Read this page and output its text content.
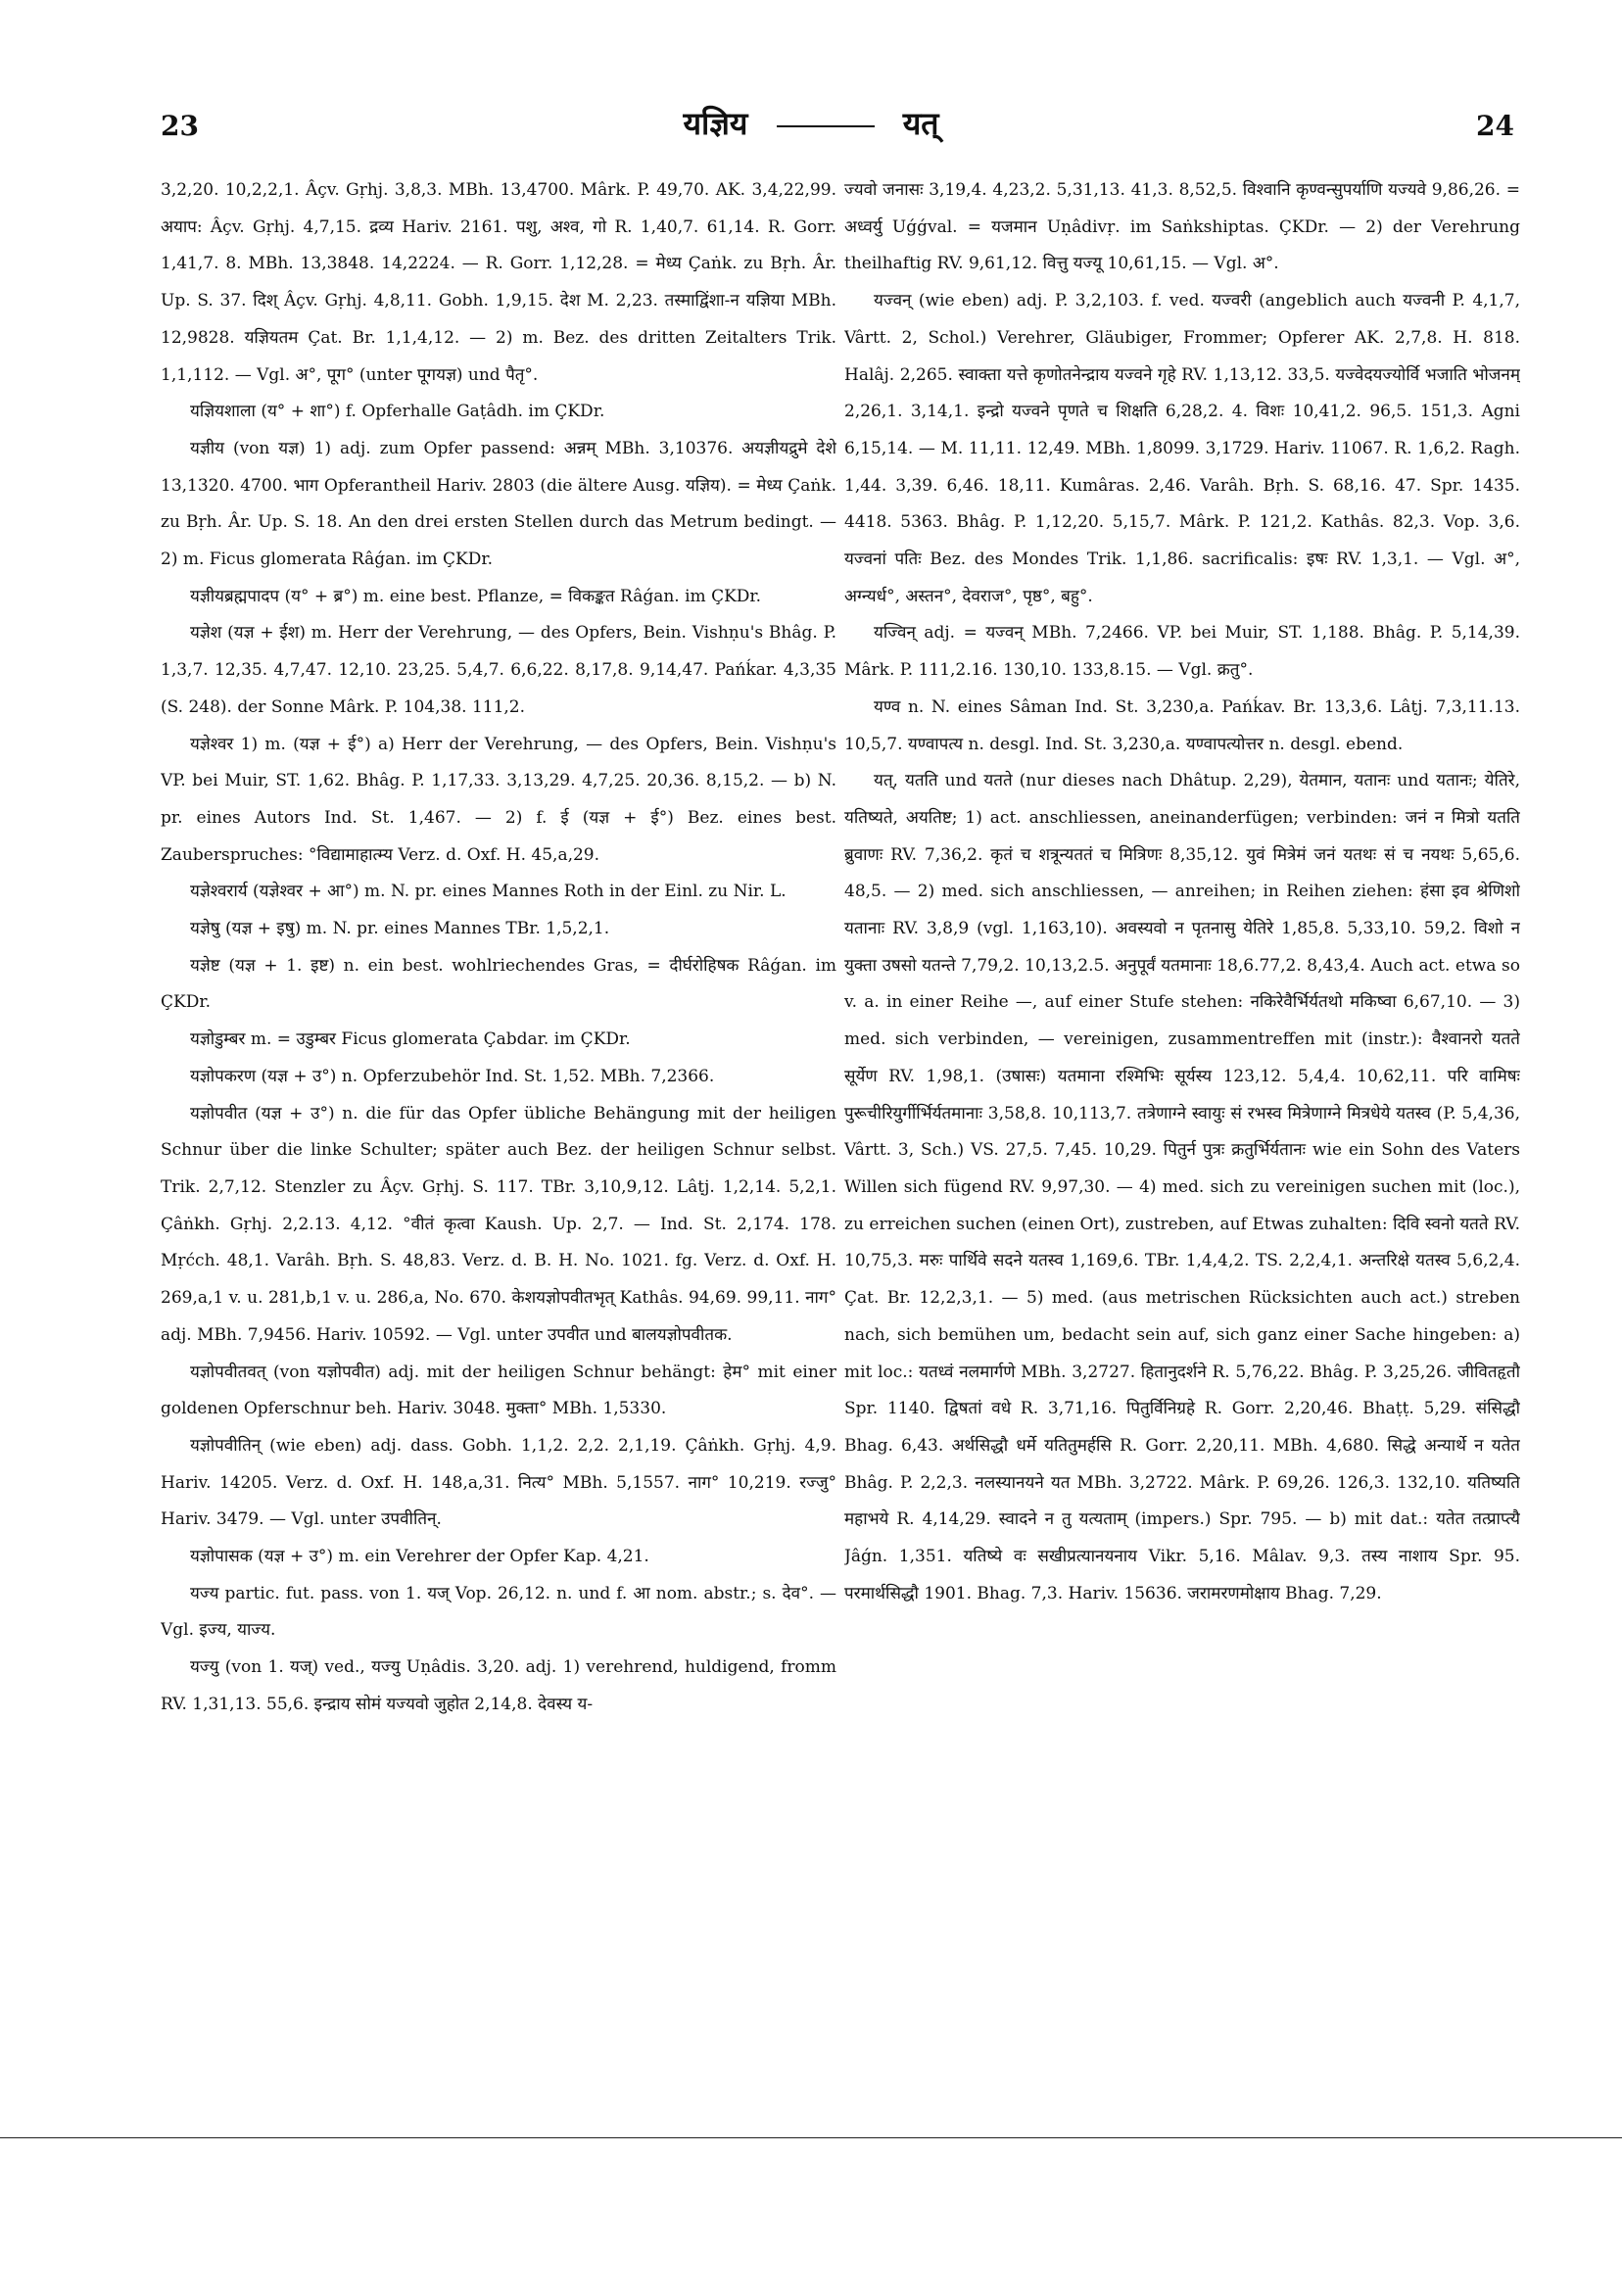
23	यज्ञिय	यत्	24

3,2,20. 10,2,2,1. Âçv. Gṛhj. 3,8,3. MBh. 13,4700. Mârk. P. 49,70. AK. 3,4,22,99. अयाप: Âçv. Gṛhj. 4,7,15. द्रव्य Hariv. 2161. पशु, अश्व, गो R. 1,40,7. 61,14. R. Gorr. 1,41,7. 8. MBh. 13,3848. 14,2224. — R. Gorr. 1,12,28. = मेध्य Çaṅk. zu Bṛh. Âr. Up. S. 37. दिश् Âçv. Gṛhj. 4,8,11. Gobh. 1,9,15. देश M. 2,23. तस्माद्विंशा-न यज्ञिया MBh. 12,9828. यज्ञियतम Çat. Br. 1,1,4,12. — 2) m. Bez. des dritten Zeitalters Trik. 1,1,112. — Vgl. अ°, पूग° (unter पूगयज्ञ) und पैतृ°.

यज्ञियशाला (य° + शा°) f. Opferhalle Gaṭâdh. im ÇKDr.

यज्ञीय (von यज्ञ) 1) adj. zum Opfer passend: अन्नम् MBh. 3,10376. अयज्ञीयद्रुमे देशे 13,1320. 4700. भाग Opferantheil Hariv. 2803 (die ältere Ausg. यज्ञिय). = मेध्य Çaṅk. zu Bṛh. Âr. Up. S. 18. An den drei ersten Stellen durch das Metrum bedingt. — 2) m. Ficus glomerata Râǵan. im ÇKDr.

यज्ञीयब्रह्मपादप (य° + ब्र°) m. eine best. Pflanze, = विकङ्कत Râǵan. im ÇKDr.

यज्ञेश (यज्ञ + ईश) m. Herr der Verehrung, — des Opfers, Bein. Vishṇu's Bhâg. P. 1,3,7. 12,35. 4,7,47. 12,10. 23,25. 5,4,7. 6,6,22. 8,17,8. 9,14,47. Pańḱar. 4,3,35 (S. 248). der Sonne Mârk. P. 104,38. 111,2.

यज्ञेश्वर 1) m. (यज्ञ + ई°) a) Herr der Verehrung, — des Opfers, Bein. Vishṇu's VP. bei Muir, ST. 1,62. Bhâg. P. 1,17,33. 3,13,29. 4,7,25. 20,36. 8,15,2. — b) N. pr. eines Autors Ind. St. 1,467. — 2) f. ई (यज्ञ + ई°) Bez. eines best. Zauberspruches: °विद्यामाहात्म्य Verz. d. Oxf. H. 45,a,29.

यज्ञेश्वरार्य (यज्ञेश्वर + आ°) m. N. pr. eines Mannes Roth in der Einl. zu Nir. L.

यज्ञेषु (यज्ञ + इषु) m. N. pr. eines Mannes TBr. 1,5,2,1.

यज्ञेष्ट (यज्ञ + 1. इष्ट) n. ein best. wohlriechendes Gras, = दीर्घरोहिषक Râǵan. im ÇKDr.

यज्ञोडुम्बर m. = उडुम्बर Ficus glomerata Çabdar. im ÇKDr.

यज्ञोपकरण (यज्ञ + उ°) n. Opferzubehör Ind. St. 1,52. MBh. 7,2366.

यज्ञोपवीत (यज्ञ + उ°) n. die für das Opfer übliche Behängung mit der heiligen Schnur über die linke Schulter; später auch Bez. der heiligen Schnur selbst. Trik. 2,7,12. Stenzler zu Âçv. Gṛhj. S. 117. TBr. 3,10,9,12. Lâṭj. 1,2,14. 5,2,1. Çâṅkh. Gṛhj. 2,2.13. 4,12. °वीतं कृत्वा Kaush. Up. 2,7. — Ind. St. 2,174. 178. Mṛćch. 48,1. Varâh. Bṛh. S. 48,83. Verz. d. B. H. No. 1021. fg. Verz. d. Oxf. H. 269,a,1 v. u. 281,b,1 v. u. 286,a, No. 670. केशयज्ञोपवीतभृत् Kathâs. 94,69. 99,11. नाग° adj. MBh. 7,9456. Hariv. 10592. — Vgl. unter उपवीत und बालयज्ञोपवीतक.

यज्ञोपवीतवत् (von यज्ञोपवीत) adj. mit der heiligen Schnur behängt: हेम° mit einer goldenen Opferschnur beh. Hariv. 3048. मुक्ता° MBh. 1,5330.

यज्ञोपवीतिन् (wie eben) adj. dass. Gobh. 1,1,2. 2,2. 2,1,19. Çâṅkh. Gṛhj. 4,9. Hariv. 14205. Verz. d. Oxf. H. 148,a,31. नित्य° MBh. 5,1557. नाग° 10,219. रज्जु° Hariv. 3479. — Vgl. unter उपवीतिन्.

यज्ञोपासक (यज्ञ + उ°) m. ein Verehrer der Opfer Kap. 4,21.

यज्य partic. fut. pass. von 1. यज् Vop. 26,12. n. und f. आ nom. abstr.; s. देव°. — Vgl. इज्य, याज्य.

यज्यु (von 1. यज्) ved., यज्यु Uṇâdis. 3,20. adj. 1) verehrend, huldigend, fromm RV. 1,31,13. 55,6. इन्द्राय सोमं यज्यवो जुहोत 2,14,8. देवस्य य-

ज्यवो जनासः 3,19,4. 4,23,2. 5,31,13. 41,3. 8,52,5. विश्वानि कृण्वन्सुपर्याणि यज्यवे 9,86,26. = अध्वर्यु Uǵǵval. = यजमान Uṇâdivṛ. im Saṅkshiptas. ÇKDr. — 2) der Verehrung theilhaftig RV. 9,61,12. वित्तु यज्यू 10,61,15. — Vgl. अ°.

यज्वन् (wie eben) adj. P. 3,2,103. f. ved. यज्वरी (angeblich auch यज्वनी P. 4,1,7, Vârtt. 2, Schol.) Verehrer, Gläubiger, Frommer; Opferer AK. 2,7,8. H. 818. Halâj. 2,265. स्वाक्ता यत्ते कृणोतनेन्द्राय यज्वने गृहे RV. 1,13,12. 33,5. यज्वेदयज्योर्वि भजाति भोजनम् 2,26,1. 3,14,1. इन्द्रो यज्वने पृणते च शिक्षति 6,28,2. 4. विशः 10,41,2. 96,5. 151,3. Agni 6,15,14. — M. 11,11. 12,49. MBh. 1,8099. 3,1729. Hariv. 11067. R. 1,6,2. Ragh. 1,44. 3,39. 6,46. 18,11. Kumâras. 2,46. Varâh. Bṛh. S. 68,16. 47. Spr. 1435. 4418. 5363. Bhâg. P. 1,12,20. 5,15,7. Mârk. P. 121,2. Kathâs. 82,3. Vop. 3,6. यज्वनां पतिः Bez. des Mondes Trik. 1,1,86. sacrificalis: इषः RV. 1,3,1. — Vgl. अ°, अग्न्यर्ध°, अस्तन°, देवराज°, पृष्ठ°, बहु°.

यज्विन् adj. = यज्वन् MBh. 7,2466. VP. bei Muir, ST. 1,188. Bhâg. P. 5,14,39. Mârk. P. 111,2.16. 130,10. 133,8.15. — Vgl. क्रतु°.

यण्व n. N. eines Sâman Ind. St. 3,230,a. Pańḱav. Br. 13,3,6. Lâṭj. 7,3,11.13. 10,5,7. यण्वापत्य n. desgl. Ind. St. 3,230,a. यण्वापत्योत्तर n. desgl. ebend.

यत्, यतति und यतते (nur dieses nach Dhâtup. 2,29), येतमान, यतानः und यतानः; येतिरे, यतिष्यते, अयतिष्ट; 1) act. anschliessen, aneinanderfügen; verbinden: जनं न मित्रो यतति ब्रुवाणः RV. 7,36,2. कृतं च शत्रून्यततं च मित्रिणः 8,35,12. युवं मित्रेमं जनं यतथः सं च नयथः 5,65,6. 48,5. — 2) med. sich anschliessen, — anreihen; in Reihen ziehen: हंसा इव श्रेणिशो यतानाः RV. 3,8,9 (vgl. 1,163,10). अवस्यवो न पृतनासु येतिरे 1,85,8. 5,33,10. 59,2. विशो न युक्ता उषसो यतन्ते 7,79,2. 10,13,2.5. अनुपूर्वं यतमानाः 18,6.77,2. 8,43,4. Auch act. etwa so v. a. in einer Reihe —, auf einer Stufe stehen: नकिरेवैर्भिर्यतथो मकिष्वा 6,67,10. — 3) med. sich verbinden, — vereinigen, zusammentreffen mit (instr.): वैश्वानरो यतते सूर्येण RV. 1,98,1. (उषासः) यतमाना रश्मिभिः सूर्यस्य 123,12. 5,4,4. 10,62,11. परि वामिषः पुरूचीरियुर्गीर्भिर्यतमानाः 3,58,8. 10,113,7. तत्रेणाग्ने स्वायुः सं रभस्व मित्रेणाग्ने मित्रधेये यतस्व (P. 5,4,36, Vârtt. 3, Sch.) VS. 27,5. 7,45. 10,29. पितुर्न पुत्रः क्रतुर्भिर्यतानः wie ein Sohn des Vaters Willen sich fügend RV. 9,97,30. — 4) med. sich zu vereinigen suchen mit (loc.), zu erreichen suchen (einen Ort), zustreben, auf Etwas zuhalten: दिवि स्वनो यतते RV. 10,75,3. मरुः पार्थिवे सदने यतस्व 1,169,6. TBr. 1,4,4,2. TS. 2,2,4,1. अन्तरिक्षे यतस्व 5,6,2,4. Çat. Br. 12,2,3,1. — 5) med. (aus metrischen Rücksichten auch act.) streben nach, sich bemühen um, bedacht sein auf, sich ganz einer Sache hingeben: a) mit loc.: यतध्वं नलमार्गणे MBh. 3,2727. हितानुदर्शने R. 5,76,22. Bhâg. P. 3,25,26. जीवितहृतौ Spr. 1140. द्विषतां वधे R. 3,71,16. पितुर्विनिग्रहे R. Gorr. 2,20,46. Bhaṭṭ. 5,29. संसिद्धौ Bhag. 6,43. अर्थसिद्धौ धर्मे यतितुमर्हसि R. Gorr. 2,20,11. MBh. 4,680. सिद्धे अन्यार्थे न यतेत Bhâg. P. 2,2,3. नलस्यानयने यत MBh. 3,2722. Mârk. P. 69,26. 126,3. 132,10. यतिष्यति महाभये R. 4,14,29. स्वादने न तु यत्यताम् (impers.) Spr. 795. — b) mit dat.: यतेत तत्प्राप्त्यै Jâǵn. 1,351. यतिष्ये वः सखीप्रत्यानयनाय Vikr. 5,16. Mâlav. 9,3. तस्य नाशाय Spr. 95. परमार्थसिद्धौ 1901. Bhag. 7,3. Hariv. 15636. जरामरणमोक्षाय Bhag. 7,29.
